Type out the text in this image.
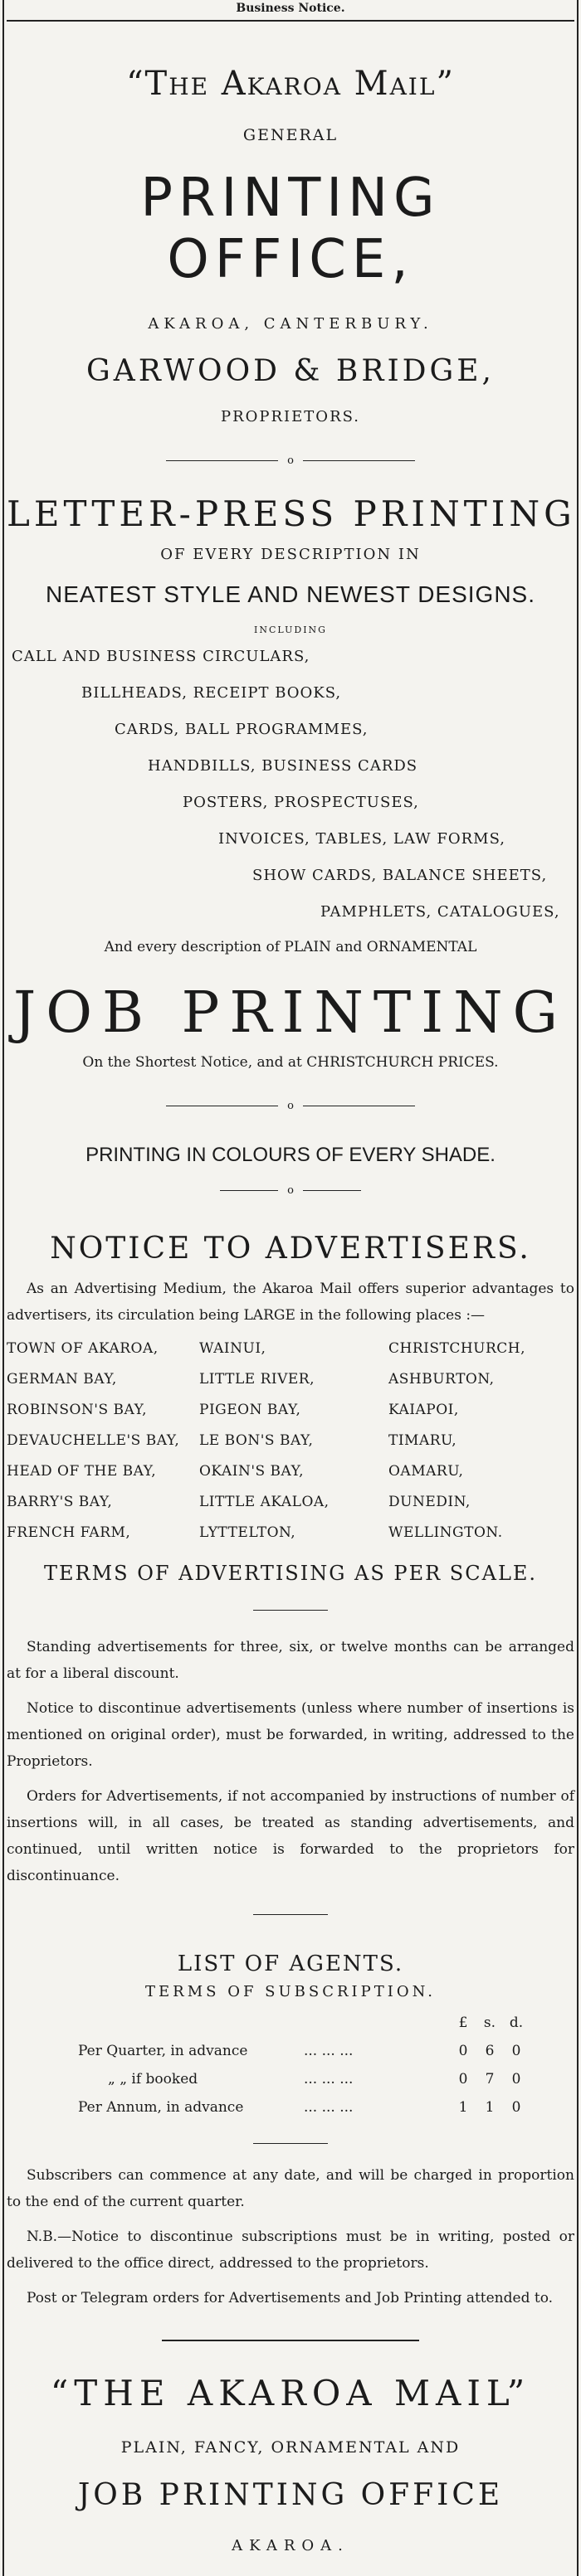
Business Notice.
“The Akaroa Mail”
GENERAL
PRINTING OFFICE,
AKAROA, CANTERBURY.
GARWOOD & BRIDGE,
PROPRIETORS.
o
LETTER-PRESS PRINTING
OF EVERY DESCRIPTION IN
NEATEST STYLE AND NEWEST DESIGNS.
INCLUDING
CALL AND BUSINESS CIRCULARS,
BILLHEADS, RECEIPT BOOKS,
CARDS, BALL PROGRAMMES,
HANDBILLS, BUSINESS CARDS
POSTERS, PROSPECTUSES,
INVOICES, TABLES, LAW FORMS,
SHOW CARDS, BALANCE SHEETS,
PAMPHLETS, CATALOGUES,
And every description of PLAIN and ORNAMENTAL
JOB PRINTING
On the Shortest Notice, and at CHRISTCHURCH PRICES.
o
PRINTING IN COLOURS OF EVERY SHADE.
o
NOTICE TO ADVERTISERS.
As an Advertising Medium, the Akaroa Mail offers superior advantages to advertisers, its circulation being LARGE in the following places :—
TOWN OF AKAROA,	WAINUI,	CHRISTCHURCH,
GERMAN BAY,	LITTLE RIVER,	ASHBURTON,
ROBINSON'S BAY,	PIGEON BAY,	KAIAPOI,
DEVAUCHELLE'S BAY,	LE BON'S BAY,	TIMARU,
HEAD OF THE BAY,	OKAIN'S BAY,	OAMARU,
BARRY'S BAY,	LITTLE AKALOA,	DUNEDIN,
FRENCH FARM,	LYTTELTON,	WELLINGTON.
TERMS OF ADVERTISING AS PER SCALE.
Standing advertisements for three, six, or twelve months can be arranged at for a liberal discount.
Notice to discontinue advertisements (unless where number of insertions is mentioned on original order), must be forwarded, in writing, addressed to the Proprietors.
Orders for Advertisements, if not accompanied by instructions of number of insertions will, in all cases, be treated as standing advertisements, and continued, until written notice is forwarded to the proprietors for discontinuance.
LIST OF AGENTS.
TERMS OF SUBSCRIPTION.
£	s. d.
Per Quarter, in advance	... ... ...	0	6	0
„ „ if booked	... ... ...	0	7	0
Per Annum, in advance	... ... ...	1	1	0
Subscribers can commence at any date, and will be charged in proportion to the end of the current quarter.
N.B.—Notice to discontinue subscriptions must be in writing, posted or delivered to the office direct, addressed to the proprietors.
Post or Telegram orders for Advertisements and Job Printing attended to.
“THE AKAROA MAIL”
PLAIN, FANCY, ORNAMENTAL AND
JOB PRINTING OFFICE
AKAROA.
